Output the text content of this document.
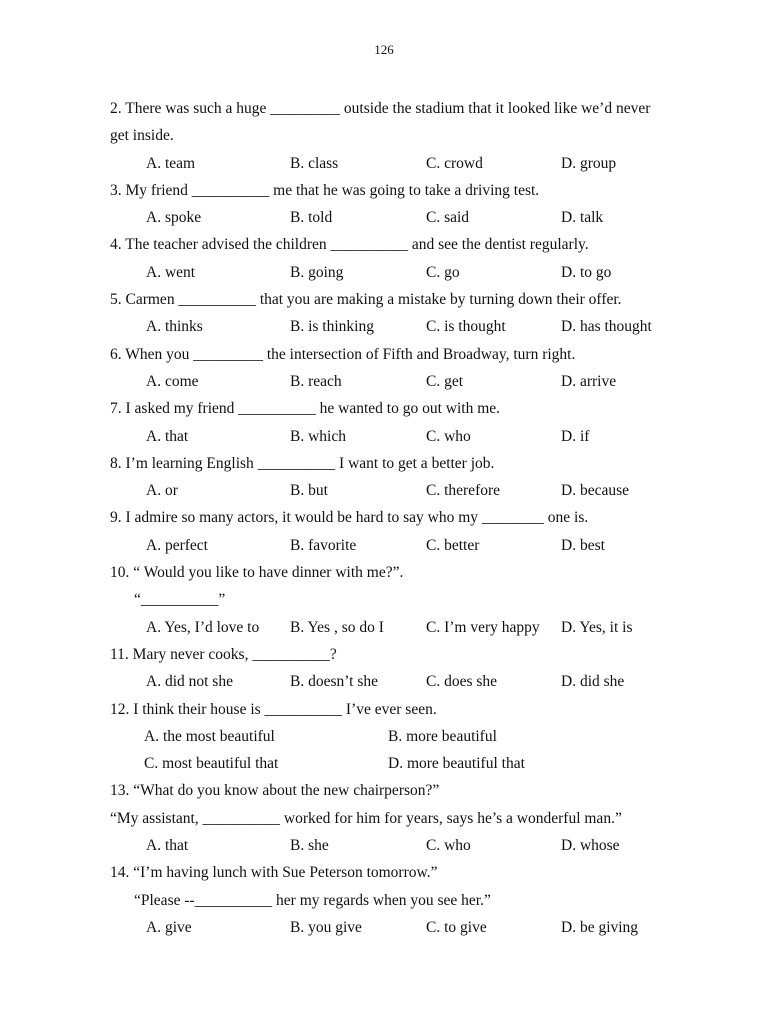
126
2. There was such a huge _________ outside the stadium that it looked like we’d never
get inside.
A. team	B. class	C. crowd	D. group
3. My friend __________ me that he was going to take a driving test.
A. spoke	B. told	C. said	D. talk
4. The teacher advised the children __________ and see the dentist regularly.
A. went	B. going	C. go	D. to go
5. Carmen __________ that you are making a mistake by turning down their offer.
A. thinks	B. is thinking	C. is thought	D. has thought
6. When you _________ the intersection of Fifth and Broadway, turn right.
A. come	B. reach	C. get	D. arrive
7. I asked my friend __________ he wanted to go out with me.
A. that	B. which	C. who	D. if
8. I’m learning English __________ I want to get a better job.
A. or	B. but	C. therefore	D. because
9. I admire so many actors, it would be hard to say who my ________ one is.
A. perfect	B. favorite	C. better	D. best
10. “ Would you like to have dinner with me?”.
“__________”
A. Yes, I’d love to B. Yes , so do I	C. I’m very happy D. Yes, it is
11. Mary never cooks, __________?
A. did not she	B. doesn’t she	C. does she	D. did she
12. I think their house is __________ I’ve ever seen.
A. the most beautiful	B. more beautiful
C. most beautiful that	D. more beautiful that
13. “What do you know about the new chairperson?”
“My assistant, __________ worked for him for years, says he’s a wonderful man.”
A. that	B. she	C. who	D. whose
14. “I’m having lunch with Sue Peterson tomorrow.”
“Please --__________ her my regards when you see her.”
A. give	B. you give	C. to give	D. be giving
